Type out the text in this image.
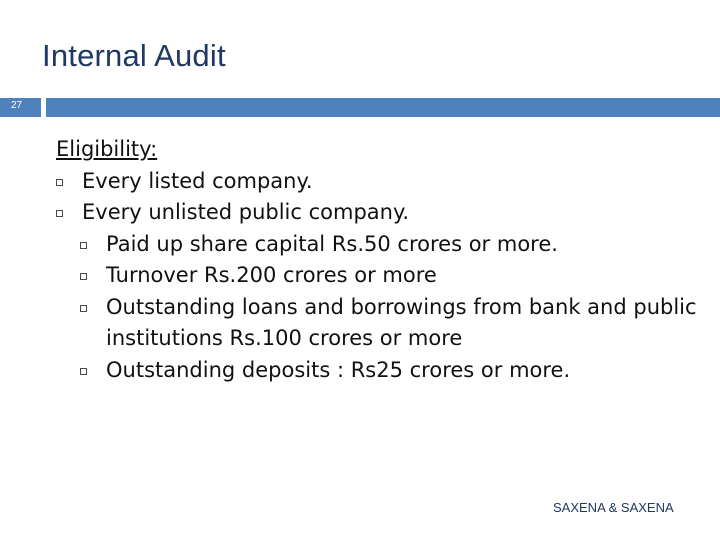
Internal Audit
27
Eligibility:
Every listed company.
Every unlisted public company.
Paid up share capital Rs.50 crores or more.
Turnover Rs.200 crores or more
Outstanding loans and borrowings from bank and public institutions Rs.100 crores or more
Outstanding deposits : Rs25 crores or more.
SAXENA & SAXENA
